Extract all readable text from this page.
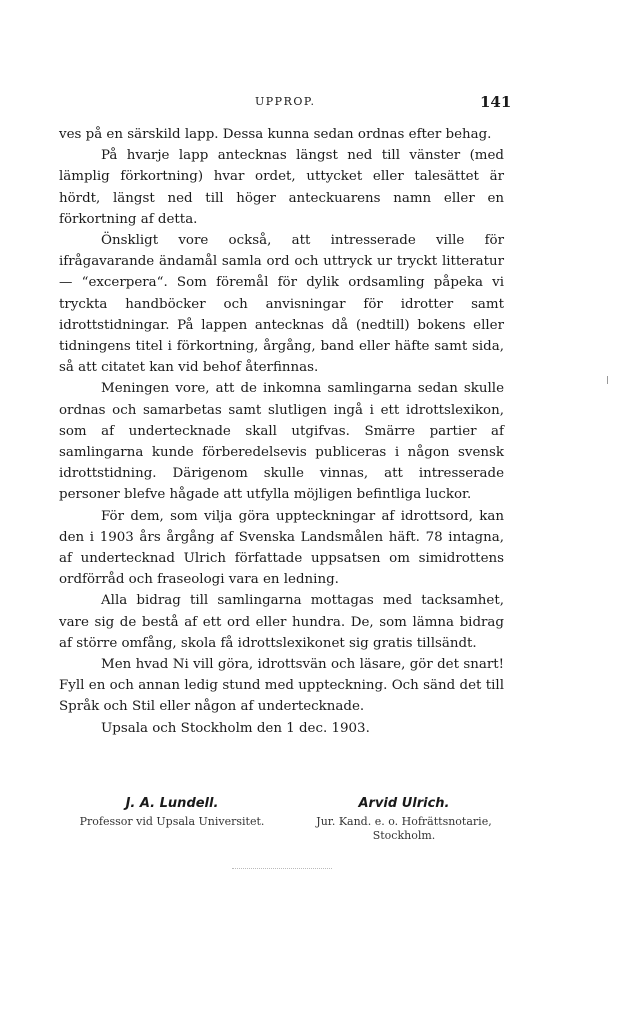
UPPROP.	141

ves på en särskild lapp. Dessa kunna sedan ordnas efter behag.

På hvarje lapp antecknas längst ned till vänster (med lämplig förkortning) hvar ordet, uttycket eller talesättet är hördt, längst ned till höger anteckuarens namn eller en förkortning af detta.

Önskligt vore också, att intresserade ville för ifrågavarande ändamål samla ord och uttryck ur tryckt litteratur — “excerpera“. Som föremål för dylik ordsamling påpeka vi tryckta handböcker och anvisningar för idrotter samt idrottstidningar. På lappen antecknas då (nedtill) bokens eller tidningens titel i förkortning, årgång, band eller häfte samt sida, så att citatet kan vid behof återfinnas.

Meningen vore, att de inkomna samlingarna sedan skulle ordnas och samarbetas samt slutligen ingå i ett idrottslexikon, som af undertecknade skall utgifvas. Smärre partier af samlingarna kunde förberedelsevis publiceras i någon svensk idrottstidning. Därigenom skulle vinnas, att intresserade personer blefve hågade att utfylla möjligen befintliga luckor.

För dem, som vilja göra uppteckningar af idrottsord, kan den i 1903 års årgång af Svenska Landsmålen häft. 78 intagna, af undertecknad Ulrich författade uppsatsen om simidrottens ordförråd och fraseologi vara en ledning.

Alla bidrag till samlingarna mottagas med tacksamhet, vare sig de bestå af ett ord eller hundra. De, som lämna bidrag af större omfång, skola få idrottslexikonet sig gratis tillsändt.

Men hvad Ni vill göra, idrottsvän och läsare, gör det snart! Fyll en och annan ledig stund med uppteckning. Och sänd det till Språk och Stil eller någon af undertecknade.

Upsala och Stockholm den 1 dec. 1903.

J. A. Lundell.
Professor vid Upsala Universitet.
Arvid Ulrich.
Jur. Kand. e. o. Hofrättsnotarie,
Stockholm.
